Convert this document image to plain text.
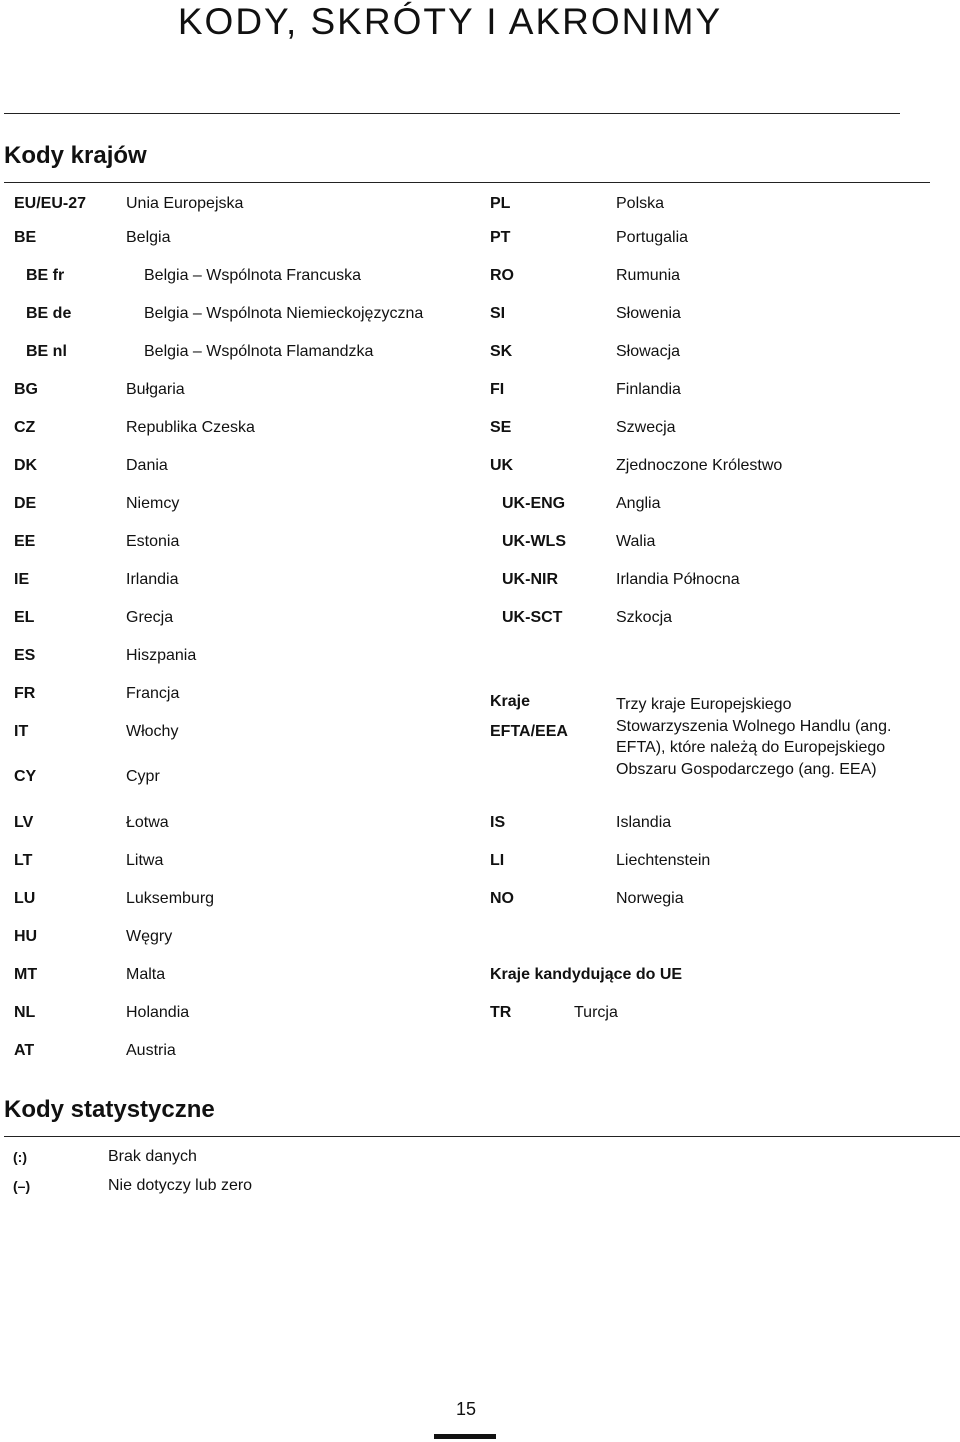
KODY, SKRÓTY I AKRONIMY
Kody krajów
EU/EU-27 Unia Europejska
BE	Belgia
BE fr	Belgia – Wspólnota Francuska
BE de	Belgia – Wspólnota Niemieckojęzyczna
BE nl	Belgia – Wspólnota Flamandzka
BG	Bułgaria
CZ	Republika Czeska
DK	Dania
DE	Niemcy
EE	Estonia
IE	Irlandia
EL	Grecja
ES	Hiszpania
FR	Francja
IT	Włochy
CY	Cypr
LV	Łotwa
LT	Litwa
LU	Luksemburg
HU	Węgry
MT	Malta
NL	Holandia
AT	Austria
PL	Polska
PT	Portugalia
RO	Rumunia
SI	Słowenia
SK	Słowacja
FI	Finlandia
SE	Szwecja
UK	Zjednoczone Królestwo
UK-ENG	Anglia
UK-WLS	Walia
UK-NIR	Irlandia Północna
UK-SCT	Szkocja
Kraje
EFTA/EEA
Trzy kraje Europejskiego Stowarzyszenia Wolnego Handlu (ang. EFTA), które należą do Europejskiego Obszaru Gospodarczego (ang. EEA)
IS	Islandia
LI	Liechtenstein
NO	Norwegia
Kraje kandydujące do UE
TR	Turcja
Kody statystyczne
(:)	Brak danych
(–)	Nie dotyczy lub zero
15
